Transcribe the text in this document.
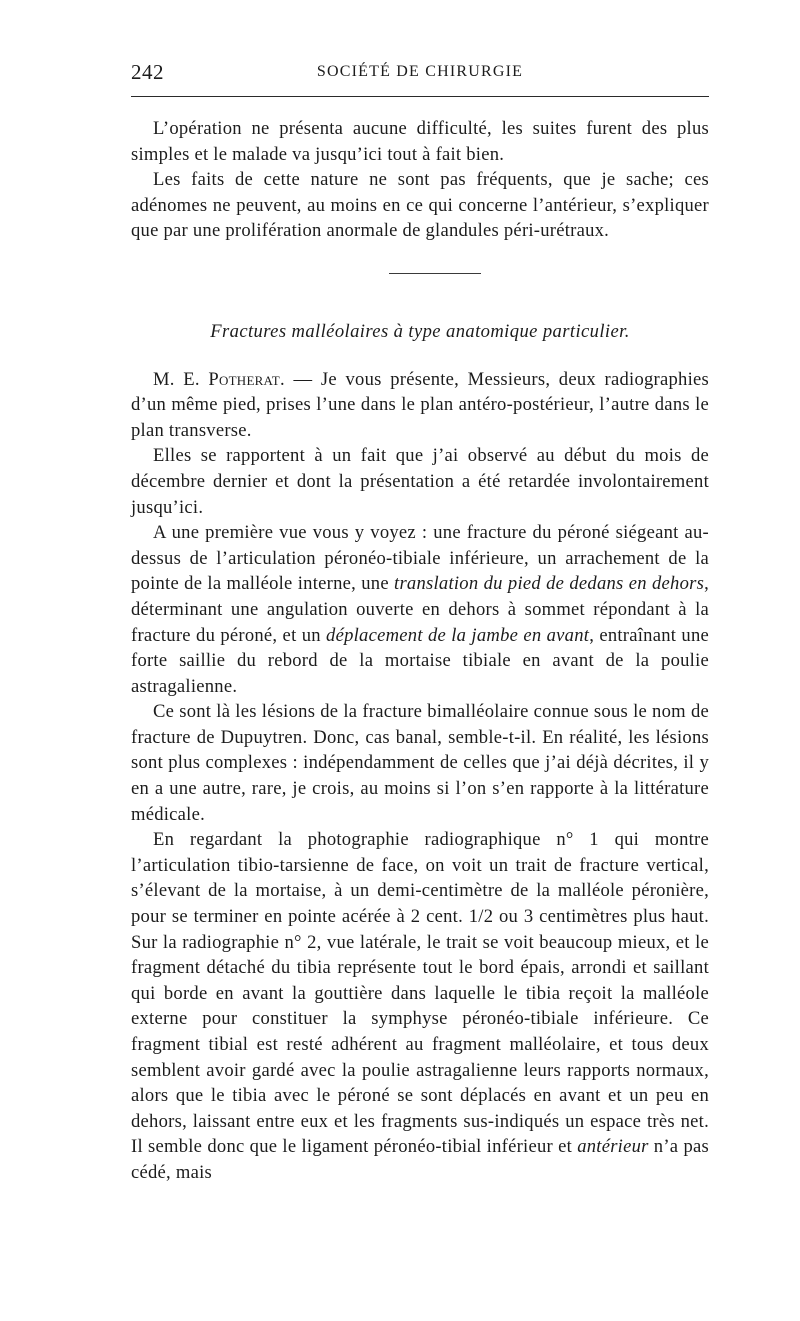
242	SOCIÉTÉ DE CHIRURGIE

L’opération ne présenta aucune difficulté, les suites furent des plus simples et le malade va jusqu’ici tout à fait bien.

Les faits de cette nature ne sont pas fréquents, que je sache; ces adénomes ne peuvent, au moins en ce qui concerne l’antérieur, s’expliquer que par une prolifération anormale de glandules péri-urétraux.

Fractures malléolaires à type anatomique particulier.

M. E. Potherat. — Je vous présente, Messieurs, deux radiographies d’un même pied, prises l’une dans le plan antéro-postérieur, l’autre dans le plan transverse.

Elles se rapportent à un fait que j’ai observé au début du mois de décembre dernier et dont la présentation a été retardée involontairement jusqu’ici.

A une première vue vous y voyez : une fracture du péroné siégeant au-dessus de l’articulation péronéo-tibiale inférieure, un arrachement de la pointe de la malléole interne, une translation du pied de dedans en dehors, déterminant une angulation ouverte en dehors à sommet répondant à la fracture du péroné, et un déplacement de la jambe en avant, entraînant une forte saillie du rebord de la mortaise tibiale en avant de la poulie astragalienne.

Ce sont là les lésions de la fracture bimalléolaire connue sous le nom de fracture de Dupuytren. Donc, cas banal, semble-t-il. En réalité, les lésions sont plus complexes : indépendamment de celles que j’ai déjà décrites, il y en a une autre, rare, je crois, au moins si l’on s’en rapporte à la littérature médicale.

En regardant la photographie radiographique n° 1 qui montre l’articulation tibio-tarsienne de face, on voit un trait de fracture vertical, s’élevant de la mortaise, à un demi-centimètre de la malléole péronière, pour se terminer en pointe acérée à 2 cent. 1/2 ou 3 centimètres plus haut. Sur la radiographie n° 2, vue latérale, le trait se voit beaucoup mieux, et le fragment détaché du tibia représente tout le bord épais, arrondi et saillant qui borde en avant la gouttière dans laquelle le tibia reçoit la malléole externe pour constituer la symphyse péronéo-tibiale inférieure. Ce fragment tibial est resté adhérent au fragment malléolaire, et tous deux semblent avoir gardé avec la poulie astragalienne leurs rapports normaux, alors que le tibia avec le péroné se sont déplacés en avant et un peu en dehors, laissant entre eux et les fragments sus-indiqués un espace très net. Il semble donc que le ligament péronéo-tibial inférieur et antérieur n’a pas cédé, mais
